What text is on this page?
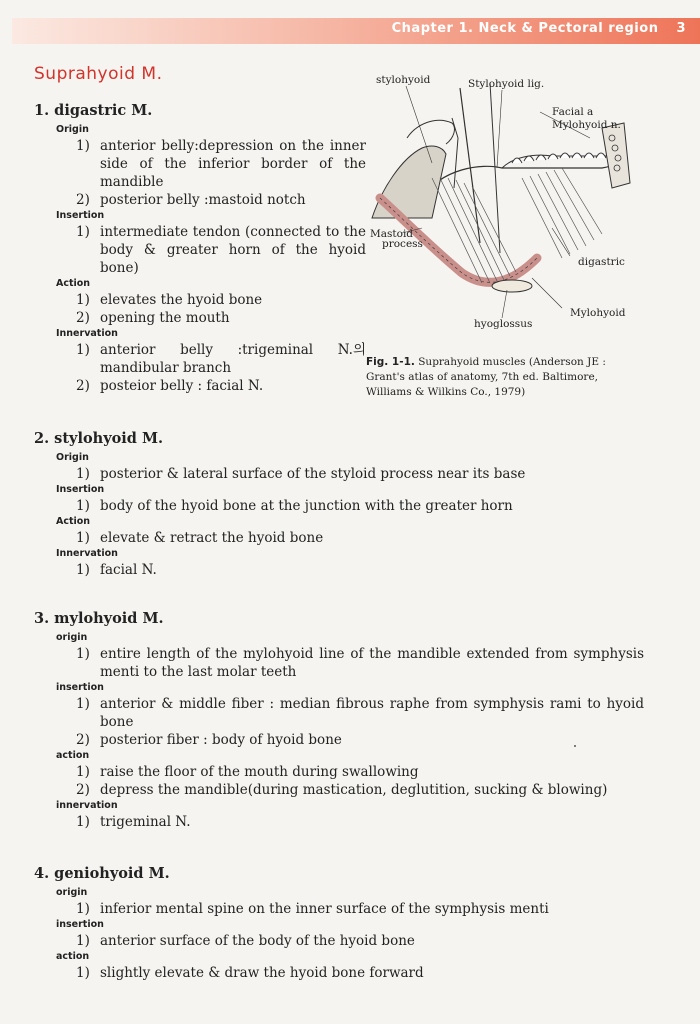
Chapter 1. Neck & Pectoral region 3
Suprahyoid M.
1. digastric M.
Origin
1) anterior belly:depression on the inner side of the inferior border of the mandible
2) posterior belly :mastoid notch
Insertion
1) intermediate tendon (connected to the body & greater horn of the hyoid bone)
Action
1) elevates the hyoid bone
2) opening the mouth
Innervation
1) anterior belly :trigeminal N.의 mandibular branch
2) posteior belly : facial N.
2. stylohyoid M.
Origin
1) posterior & lateral surface of the styloid process near its base
Insertion
1) body of the hyoid bone at the junction with the greater horn
Action
1) elevate & retract the hyoid bone
Innervation
1) facial N.
3. mylohyoid M.
origin
1) entire length of the mylohyoid line of the mandible extended from symphysis menti to the last molar teeth
insertion
1) anterior & middle fiber : median fibrous raphe from symphysis rami to hyoid bone
2) posterior fiber : body of hyoid bone
action
1) raise the floor of the mouth during swallowing
2) depress the mandible(during mastication, deglutition, sucking & blowing)
innervation
1) trigeminal N.
4. geniohyoid M.
origin
1) inferior mental spine on the inner surface of the symphysis menti
insertion
1) anterior surface of the body of the hyoid bone
action
1) slightly elevate & draw the hyoid bone forward
stylohyoid	Stylohyoid lig.
Facial a
Mylohyoid n.
Mastoid
process
digastric
Mylohyoid
hyoglossus
Fig. 1-1. Suprahyoid muscles (Anderson JE : Grant's atlas of anatomy, 7th ed. Baltimore, Williams & Wilkins Co., 1979)
